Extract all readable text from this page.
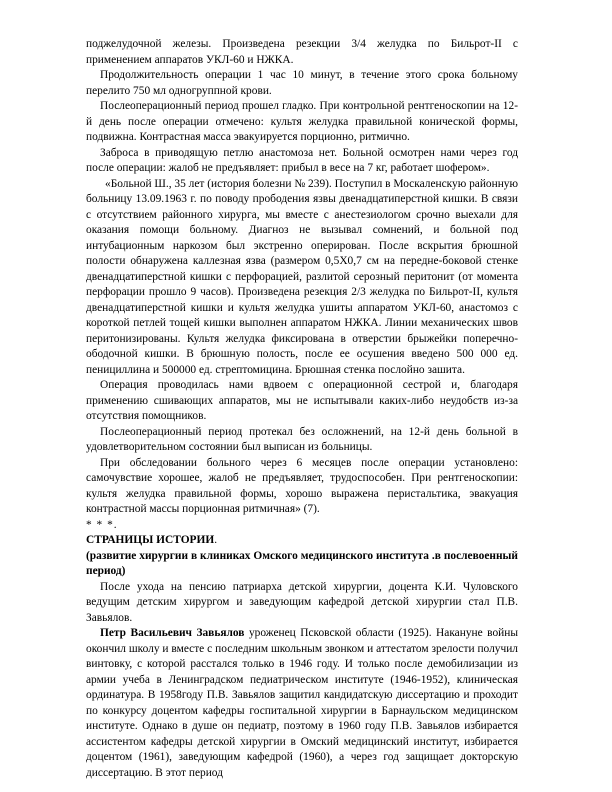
поджелудочной железы. Произведена резекции 3/4 желудка по Бильрот-II с применением аппаратов УКЛ-60 и НЖКА.

Продолжительность операции 1 час 10 минут, в течение этого срока больному перелито 750 мл одногруппной крови.

Послеоперационный период прошел гладко. При контрольной рентгеноскопии на 12-й день после операции отмечено: культя желудка правильной конической формы, подвижна. Контрастная масса эвакуируется порционно, ритмично.

Заброса в приводящую петлю анастомоза нет. Больной осмотрен нами через год после операции: жалоб не предъявляет: прибыл в весе на 7 кг, работает шофером».

«Больной Ш., 35 лет (история болезни № 239). Поступил в Москаленскую районную больницу 13.09.1963 г. по поводу прободения язвы двенадцатиперстной кишки. В связи с отсутствием районного хирурга, мы вместе с анестезиологом срочно выехали для оказания помощи больному. Диагноз не вызывал сомнений, и больной под интубационным наркозом был экстренно оперирован. После вскрытия брюшной полости обнаружена каллезная язва (размером 0,5Х0,7 см на передне-боковой стенке двенадцатиперстной кишки с перфорацией, разлитой серозный перитонит (от момента перфорации прошло 9 часов). Произведена резекция 2/3 желудка по Бильрот-II, культя двенадцатиперстной кишки и культя желудка ушиты аппаратом УКЛ-60, анастомоз с короткой петлей тощей кишки выполнен аппаратом НЖКА. Линии механических швов перитонизированы. Культя желудка фиксирована в отверстии брыжейки поперечно-ободочной кишки. В брюшную полость, после ее осушения введено 500 000 ед. пенициллина и 500000 ед. стрептомицина. Брюшная стенка послойно зашита.

Операция проводилась нами вдвоем с операционной сестрой и, благодаря применению сшивающих аппаратов, мы не испытывали каких-либо неудобств из-за отсутствия помощников.

Послеоперационный период протекал без осложнений, на 12-й день больной в удовлетворительном состоянии был выписан из больницы.

При обследовании больного через 6 месяцев после операции установлено: самочувствие хорошее, жалоб не предъявляет, трудоспособен. При рентгеноскопии: культя желудка правильной формы, хорошо выражена перистальтика, эвакуация контрастной массы порционная ритмичная» (7).

* * *.

СТРАНИЦЫ ИСТОРИИ.

(развитие хирургии в клиниках Омского медицинского института .в послевоенный период)

После ухода на пенсию патриарха детской хирургии, доцента К.И. Чуловского ведущим детским хирургом и заведующим кафедрой детской хирургии стал П.В. Завьялов.

Петр Васильевич Завьялов уроженец Псковской области (1925). Накануне войны окончил школу и вместе с последним школьным звонком и аттестатом зрелости получил винтовку, с которой расстался только в 1946 году. И только после демобилизации из армии учеба в Ленинградском педиатрическом институте (1946-1952), клиническая ординатура. В 1958году П.В. Завьялов защитил кандидатскую диссертацию и проходит по конкурсу доцентом кафедры госпитальной хирургии в Барнаульском медицинском институте. Однако в душе он педиатр, поэтому в 1960 году П.В. Завьялов избирается ассистентом кафедры детской хирургии в Омский медицинский институт, избирается доцентом (1961), заведующим кафедрой (1960), а через год защищает докторскую диссертацию. В этот период
